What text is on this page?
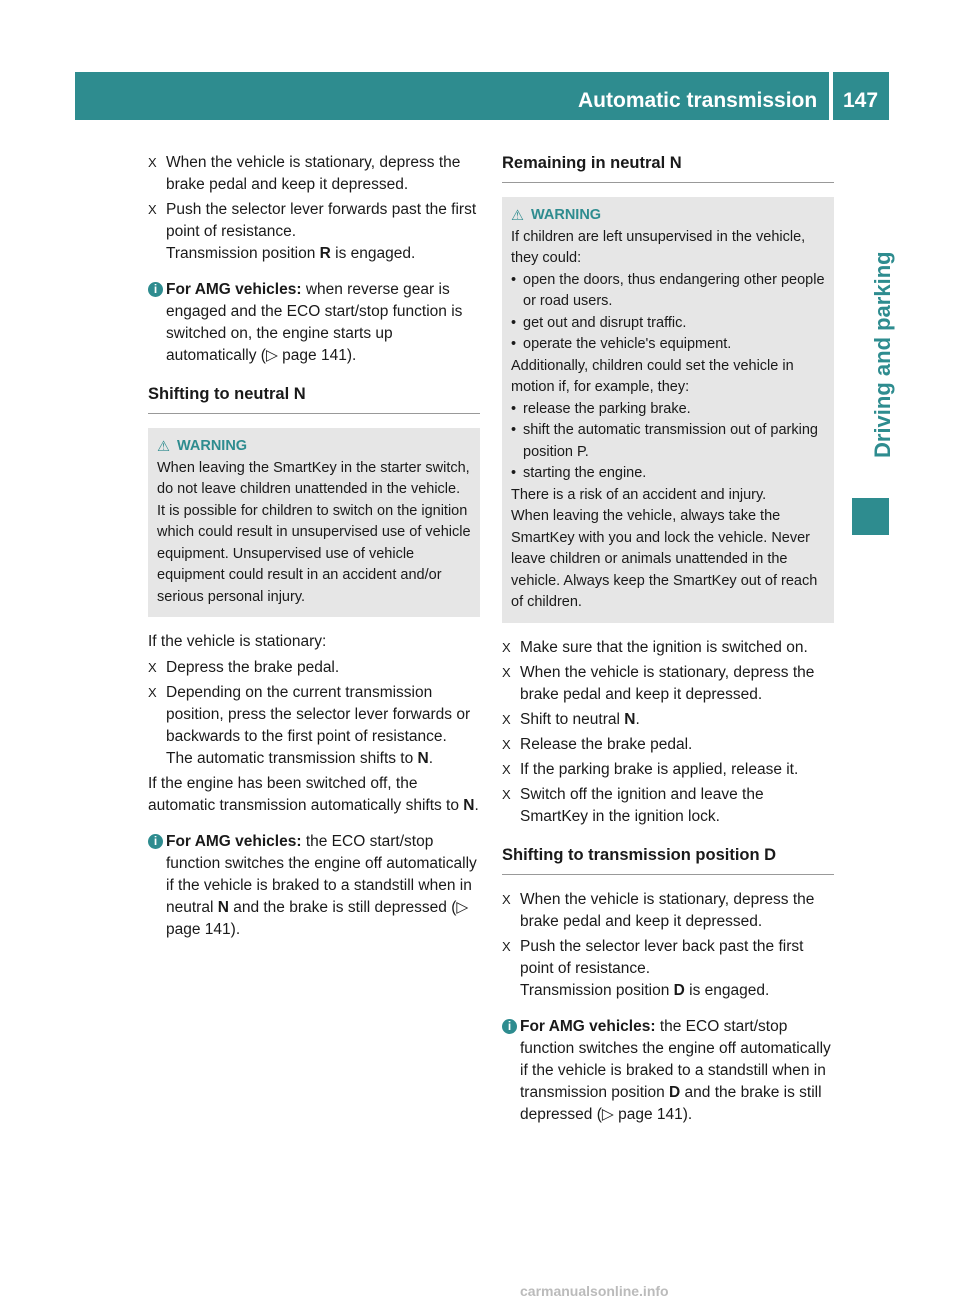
Automatic transmission 147
Driving and parking
X When the vehicle is stationary, depress the brake pedal and keep it depressed.
X Push the selector lever forwards past the first point of resistance.
Transmission position R is engaged.
i For AMG vehicles: when reverse gear is engaged and the ECO start/stop function is switched on, the engine starts up automatically (▷ page 141).
Shifting to neutral N
⚠ WARNING
When leaving the SmartKey in the starter switch, do not leave children unattended in the vehicle. It is possible for children to switch on the ignition which could result in unsupervised use of vehicle equipment. Unsupervised use of vehicle equipment could result in an accident and/or serious personal injury.

If the vehicle is stationary:

X Depress the brake pedal.
X Depending on the current transmission position, press the selector lever forwards or backwards to the first point of resistance.
The automatic transmission shifts to N.

If the engine has been switched off, the automatic transmission automatically shifts to N.

i For AMG vehicles: the ECO start/stop function switches the engine off automatically if the vehicle is braked to a standstill when in neutral N and the brake is still depressed (▷ page 141).
Remaining in neutral N
⚠ WARNING
If children are left unsupervised in the vehicle, they could:
• open the doors, thus endangering other people or road users.
• get out and disrupt traffic.
• operate the vehicle's equipment.
Additionally, children could set the vehicle in motion if, for example, they:
• release the parking brake.
• shift the automatic transmission out of parking position P.
• starting the engine.
There is a risk of an accident and injury.
When leaving the vehicle, always take the SmartKey with you and lock the vehicle. Never leave children or animals unattended in the vehicle. Always keep the SmartKey out of reach of children.
X Make sure that the ignition is switched on.
X When the vehicle is stationary, depress the brake pedal and keep it depressed.
X Shift to neutral N.
X Release the brake pedal.
X If the parking brake is applied, release it.
X Switch off the ignition and leave the SmartKey in the ignition lock.
Shifting to transmission position D
X When the vehicle is stationary, depress the brake pedal and keep it depressed.
X Push the selector lever back past the first point of resistance.
Transmission position D is engaged.
i For AMG vehicles: the ECO start/stop function switches the engine off automatically if the vehicle is braked to a standstill when in transmission position D and the brake is still depressed (▷ page 141).
carmanualsonline.info
